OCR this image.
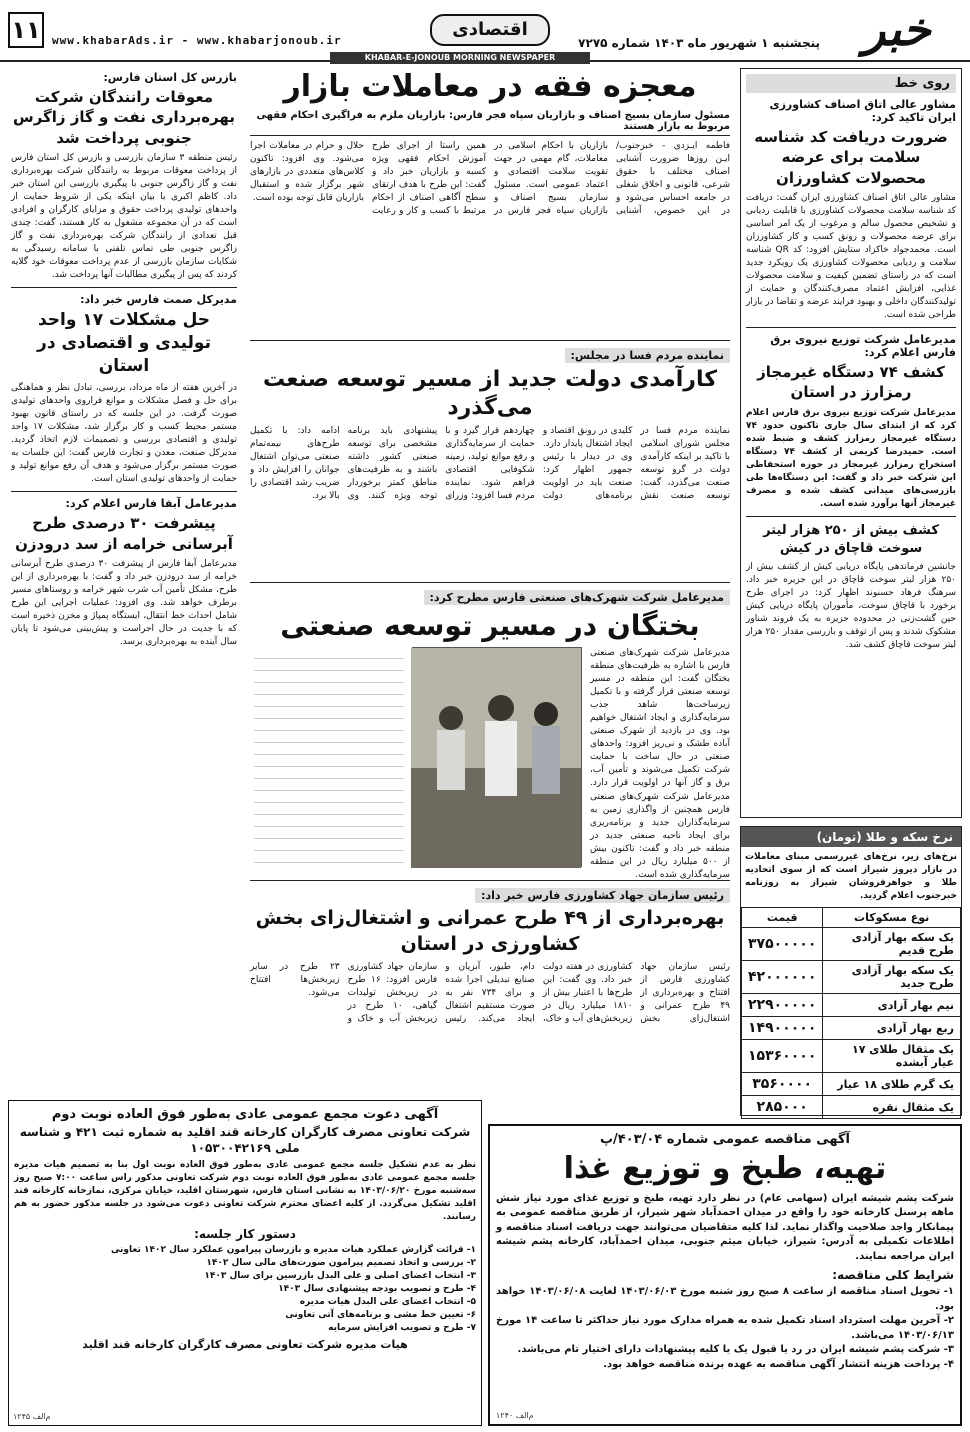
۱۱	www.khabarAds.ir - www.khabarjonoub.ir
اقتصادی
پنجشنبه ۱ شهریور ماه ۱۴۰۳ شماره ۷۲۷۵ خبر
KHABAR-E-JONOUB MORNING NEWSPAPER
روی خط
مشاور عالی اتاق اصناف کشاورزی ایران تاکید کرد:
ضرورت دریافت کد شناسه سلامت برای عرضه محصولات کشاورزان
مشاور عالی اتاق اصناف کشاورزی ایران گفت: دریافت کد شناسه سلامت محصولات کشاورزی با قابلیت ردیابی و تشخیص محصول سالم و مرغوب از یک امر اساسی برای عرضه محصولات و رونق کسب و کار کشاورزان است. محمدجواد خاکزاد ستایش افزود: کد QR شناسه سلامت و ردیابی محصولات کشاورزی یک رویکرد جدید است که در راستای تضمین کیفیت و سلامت محصولات غذایی، افزایش اعتماد مصرف‌کنندگان و حمایت از تولیدکنندگان داخلی و بهبود فرایند عرضه و تقاضا در بازار طراحی شده است.
مدیرعامل شرکت توزیع نیروی برق فارس اعلام کرد:
کشف ۷۴ دستگاه غیرمجاز رمزارز در استان
مدیرعامل شرکت توزیع نیروی برق فارس اعلام کرد که از ابتدای سال جاری تاکنون حدود ۷۴ دستگاه غیرمجاز رمزارز کشف و ضبط شده است. حمیدرضا کریمی از کشف ۷۴ دستگاه استخراج رمزارز غیرمجاز در حوزه استحفاظی این شرکت خبر داد و گفت: این دستگاه‌ها طی بازرسی‌های میدانی کشف شده و مصرف غیرمجاز آنها برآورد شده است.
کشف بیش از ۲۵۰ هزار لیتر سوخت قاچاق در کیش
جانشین فرماندهی پایگاه دریایی کیش از کشف بیش از ۲۵۰ هزار لیتر سوخت قاچاق در این جزیره خبر داد. سرهنگ فرهاد حسنوند اظهار کرد: در اجرای طرح برخورد با قاچاق سوخت، مأموران پایگاه دریایی کیش حین گشت‌زنی در محدوده جزیره به یک فروند شناور مشکوک شدند و پس از توقف و بازرسی مقدار ۲۵۰ هزار لیتر سوخت قاچاق کشف شد.
نرخ سکه و طلا (تومان)
نرخ‌های زیر، نرخ‌های غیررسمی مبنای معاملات در بازار دیروز شیراز است که از سوی اتحادیه طلا و جواهرفروشان شیراز به روزنامه خبرجنوب اعلام گردید.
نوع مسکوکات	قیمت
یک سکه بهار آزادی طرح قدیم	۳۷۵۰۰۰۰۰
یک سکه بهار آزادی طرح جدید	۴۲۰۰۰۰۰۰
نیم بهار آزادی	۲۲۹۰۰۰۰۰
ربع بهار آزادی	۱۴۹۰۰۰۰۰
یک مثقال طلای ۱۷ عیار آبشده	۱۵۳۶۰۰۰۰
یک گرم طلای ۱۸ عیار	۳۵۶۰۰۰۰
یک مثقال نقره	۲۸۵۰۰۰
معجزه فقه در معاملات بازار
مسئول سازمان بسیج اصناف و بازاریان سپاه فجر فارس: بازاریان ملزم به فراگیری احکام فقهی مربوط به بازار هستند
فاطمه ایـزدی - خبرجنوب/ ایـن روزها ضرورت آشنایی اصناف مختلف با حقوق شرعی، قانونی و اخلاق شغلی در جامعه احساس می‌شود و در این خصوص، آشنایی بازاریان با احکام اسلامی در معاملات، گام مهمی در جهت تقویت سلامت اقتصادی و اعتماد عمومی است. مسئول سازمان بسیج اصناف و بازاریان سپاه فجر فارس در همین راستا از اجرای طرح آموزش احکام فقهی ویژه کسبه و بازاریان خبر داد و گفت: این طرح با هدف ارتقای سطح آگاهی اصناف از احکام مرتبط با کسب و کار و رعایت حلال و حرام در معاملات اجرا می‌شود. وی افزود: تاکنون کلاس‌های متعددی در بازارهای شهر برگزار شده و استقبال بازاریان قابل توجه بوده است.
نماینده مردم فسا در مجلس:
کارآمدی دولت جدید از مسیر توسعه صنعت می‌گذرد
نماینده مردم فسا در مجلس شورای اسلامی با تاکید بر اینکه کارآمدی دولت در گرو توسعه صنعت می‌گذرد، گفت: توسعه صنعت نقش کلیدی در رونق اقتصاد و ایجاد اشتغال پایدار دارد. وی در دیدار با رئیس جمهور اظهار کرد: صنعت باید در اولویت برنامه‌های دولت چهاردهم قرار گیرد و با حمایت از سرمایه‌گذاری و رفع موانع تولید، زمینه شکوفایی اقتصادی فراهم شود. نماینده مردم فسا افزود: وزرای پیشنهادی باید برنامه مشخصی برای توسعه صنعتی کشور داشته باشند و به ظرفیت‌های مناطق کمتر برخوردار توجه ویژه کنند. وی ادامه داد: با تکمیل طرح‌های نیمه‌تمام صنعتی می‌توان اشتغال جوانان را افزایش داد و ضریب رشد اقتصادی را بالا برد.
مدیرعامل شرکت شهرک‌های صنعتی فارس مطرح کرد:
بختگان در مسیر توسعه صنعتی
مدیرعامل شرکت شهرک‌های صنعتی فارس با اشاره به ظرفیت‌های منطقه بختگان گفت: این منطقه در مسیر توسعه صنعتی قرار گرفته و با تکمیل زیرساخت‌ها شاهد جذب سرمایه‌گذاری و ایجاد اشتغال خواهیم بود. وی در بازدید از شهرک صنعتی آباده طشک و نی‌ریز افزود: واحدهای صنعتی در حال ساخت با حمایت شرکت تکمیل می‌شوند و تأمین آب، برق و گاز آنها در اولویت قرار دارد. مدیرعامل شرکت شهرک‌های صنعتی فارس همچنین از واگذاری زمین به سرمایه‌گذاران جدید و برنامه‌ریزی برای ایجاد ناحیه صنعتی جدید در منطقه خبر داد و گفت: تاکنون بیش از ۵۰۰ میلیارد ریال در این منطقه سرمایه‌گذاری شده است.
رئیس سازمان جهاد کشاورزی فارس خبر داد:
بهره‌برداری از ۴۹ طرح عمرانی و اشتغال‌زای بخش کشاورزی در استان
رئیس سازمان جهاد کشاورزی فارس از افتتاح و بهره‌برداری از ۴۹ طرح عمرانی و اشتغال‌زای بخش کشاورزی در هفته دولت خبر داد. وی گفت: این طرح‌ها با اعتبار بیش از ۱۸۱۰ میلیارد ریال در زیربخش‌های آب و خاک، دام، طیور، آبزیان و صنایع تبدیلی اجرا شده و برای ۷۳۴ نفر به صورت مستقیم اشتغال ایجاد می‌کند. رئیس سازمان جهاد کشاورزی فارس افزود: ۱۶ طرح در زیربخش تولیدات گیاهی، ۱۰ طرح در زیربخش آب و خاک و ۲۳ طرح در سایر زیربخش‌ها افتتاح می‌شود.
بازرس کل استان فارس:
معوقات رانندگان شرکت بهره‌برداری نفت و گاز زاگرس جنوبی پرداخت شد
رئیس منطقه ۳ سازمان بازرسی و بازرس کل استان فارس از پرداخت معوقات مربوط به رانندگان شرکت بهره‌برداری نفت و گاز زاگرس جنوبی با پیگیری بازرسی این استان خبر داد. کاظم اکبری با بیان اینکه یکی از شروط حمایت از واحدهای تولیدی پرداخت حقوق و مزایای کارگران و افرادی است که در آن مجموعه مشغول به کار هستند، گفت: چندی قبل تعدادی از رانندگان شرکت بهره‌برداری نفت و گاز زاگرس جنوبی طی تماس تلفنی با سامانه رسیدگی به شکایات سازمان بازرسی از عدم پرداخت معوقات خود گلایه کردند که پس از پیگیری مطالبات آنها پرداخت شد.
مدیرکل صمت فارس خبر داد:
حل مشکلات ۱۷ واحد تولیدی و اقتصادی در استان
در آخرین هفته از ماه مرداد، بررسی، تبادل نظر و هماهنگی برای حل و فصل مشکلات و موانع فراروی واحدهای تولیدی صورت گرفت. در این جلسه که در راستای قانون بهبود مستمر محیط کسب و کار برگزار شد، مشکلات ۱۷ واحد تولیدی و اقتصادی بررسی و تصمیمات لازم اتخاذ گردید. مدیرکل صنعت، معدن و تجارت فارس گفت: این جلسات به صورت مستمر برگزار می‌شود و هدف آن رفع موانع تولید و حمایت از واحدهای تولیدی استان است.
مدیرعامل آبفا فارس اعلام کرد:
پیشرفت ۳۰ درصدی طرح آبرسانی خرامه از سد درودزن
مدیرعامل آبفا فارس از پیشرفت ۳۰ درصدی طرح آبرسانی خرامه از سد درودزن خبر داد و گفت: با بهره‌برداری از این طرح، مشکل تأمین آب شرب شهر خرامه و روستاهای مسیر برطرف خواهد شد. وی افزود: عملیات اجرایی این طرح شامل احداث خط انتقال، ایستگاه پمپاژ و مخزن ذخیره است که با جدیت در حال اجراست و پیش‌بینی می‌شود تا پایان سال آینده به بهره‌برداری برسد.
آگهی دعوت مجمع عمومی عادی به‌طور فوق العاده نوبت دوم
شرکت تعاونی مصرف کارگران کارخانه قند اقلید به شماره ثبت ۴۲۱ و شناسه ملی ۱۰۵۳۰۰۴۲۱۶۹
نظر به عدم تشکیل جلسه مجمع عمومی عادی به‌طور فوق العاده نوبت اول بنا به تصمیم هیات مدیره جلسه مجمع عمومی عادی به‌طور فوق العاده نوبت دوم شرکت تعاونی مذکور راس ساعت ۷:۰۰ صبح روز سه‌شنبه مورخ ۱۴۰۳/۰۶/۲۰ به نشانی استان فارس، شهرستان اقلید، خیابان مرکزی، نمازخانه کارخانه قند اقلید تشکیل می‌گردد. از کلیه اعضای محترم شرکت تعاونی دعوت می‌شود در جلسه مذکور حضور به هم رسانند.
دستور کار جلسه:
۱- قرائت گزارش عملکرد هیات مدیره و بازرسان پیرامون عملکرد سال ۱۴۰۲ تعاونی
۲- بررسی و اتخاذ تصمیم پیرامون صورت‌های مالی سال ۱۴۰۲
۳- انتخاب اعضای اصلی و علی البدل بازرسین برای سال ۱۴۰۳
۴- طرح و تصویب بودجه پیشنهادی سال ۱۴۰۳
۵- انتخاب اعضای علی البدل هیات مدیره
۶- تعیین خط مشی و برنامه‌های آتی تعاونی
۷- طرح و تصویب افزایش سرمایه
هیات مدیره شرکت تعاونی مصرف کارگران کارخانه قند اقلید
م‌الف ۱۲۴۵
آگهی مناقصه عمومی شماره ۴۰۳/۰۴/پ
تهیه، طبخ و توزیع غذا
شرکت پشم شیشه ایران (سهامی عام) در نظر دارد تهیه، طبخ و توزیع غذای مورد نیاز شش ماهه پرسنل کارخانه خود را واقع در میدان احمدآباد شهر شیراز، از طریق مناقصه عمومی به پیمانکار واجد صلاحیت واگذار نماید. لذا کلیه متقاضیان می‌توانند جهت دریافت اسناد مناقصه و اطلاعات تکمیلی به آدرس: شیراز، خیابان میثم جنوبی، میدان احمدآباد، کارخانه پشم شیشه ایران مراجعه نمایند.
شرایط کلی مناقصه:
۱- تحویل اسناد مناقصه از ساعت ۸ صبح روز شنبه مورخ ۱۴۰۳/۰۶/۰۳ لغایت ۱۴۰۳/۰۶/۰۸ خواهد بود.
۲- آخرین مهلت استرداد اسناد تکمیل شده به همراه مدارک مورد نیاز حداکثر تا ساعت ۱۴ مورخ ۱۴۰۳/۰۶/۱۳ می‌باشد.
۳- شرکت پشم شیشه ایران در رد یا قبول یک یا کلیه پیشنهادات دارای اختیار تام می‌باشد.
۴- پرداخت هزینه انتشار آگهی مناقصه به عهده برنده مناقصه خواهد بود.
م‌الف ۱۲۴۰
